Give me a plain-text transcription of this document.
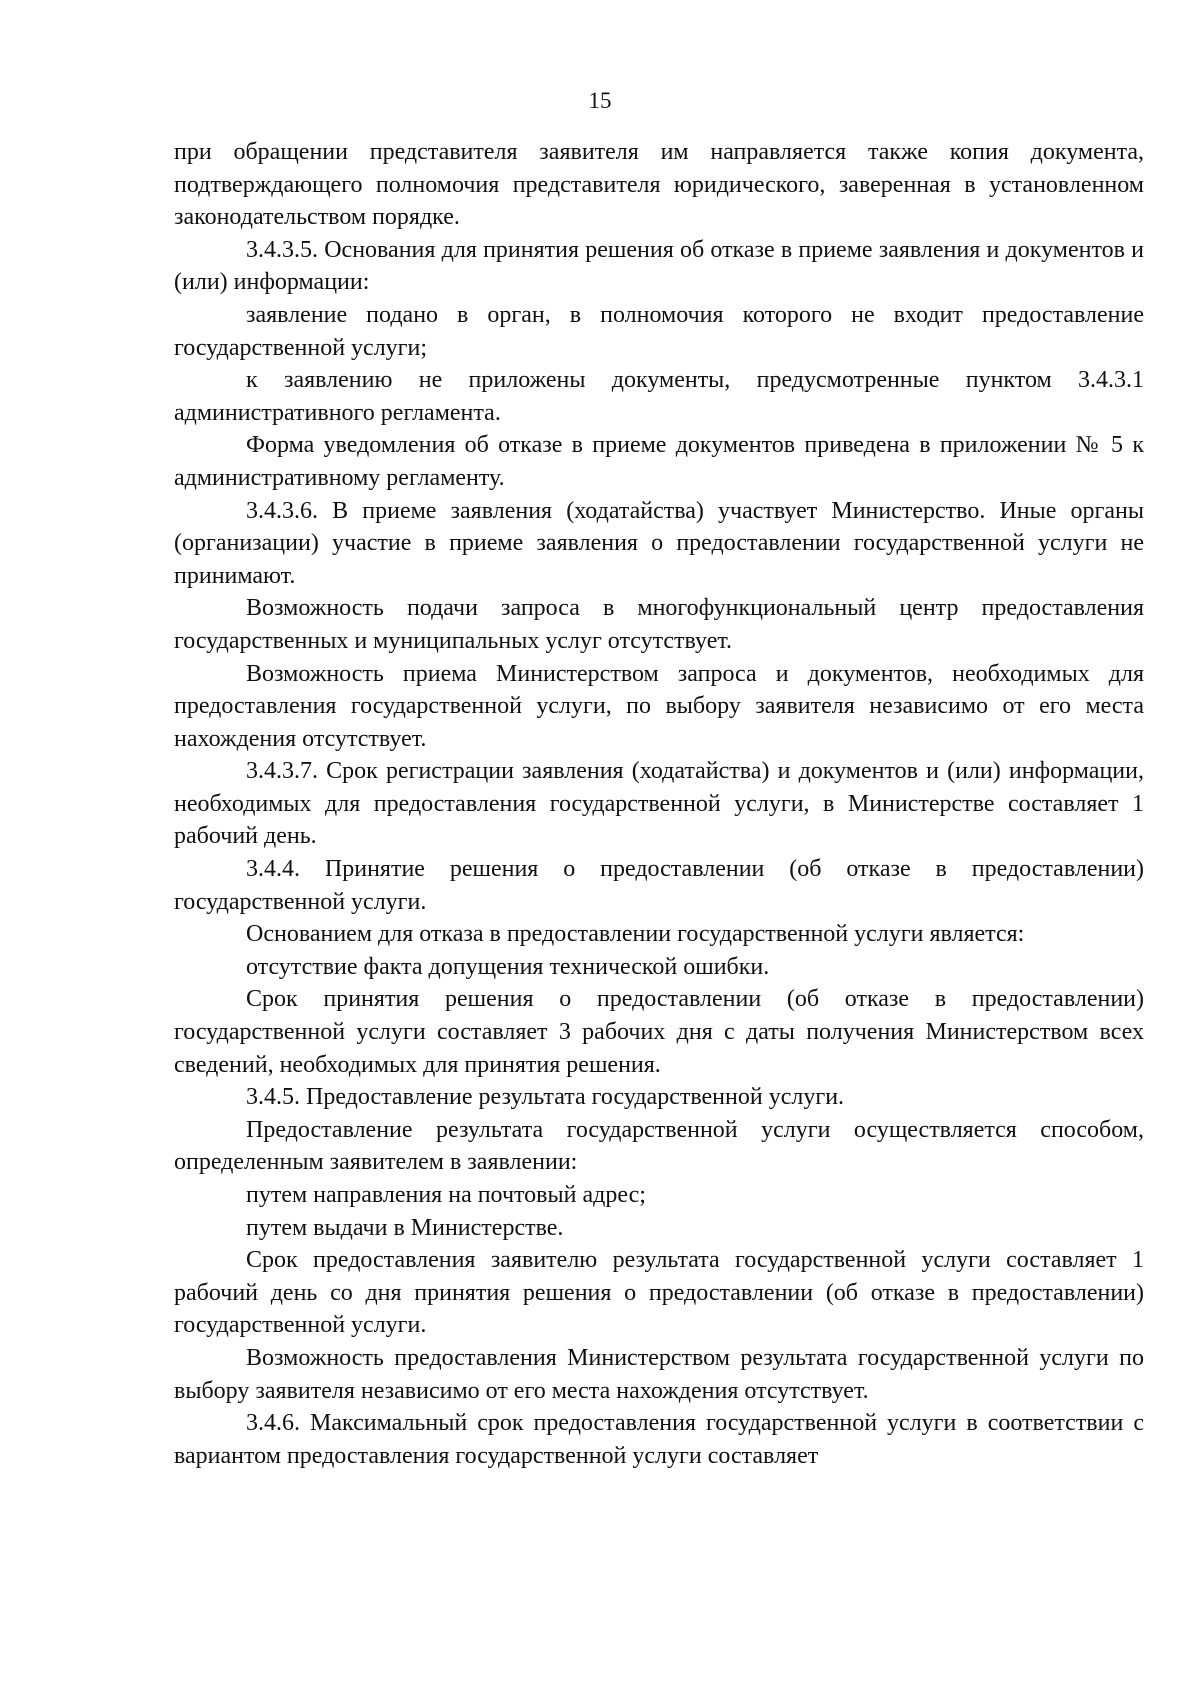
15

при обращении представителя заявителя им направляется также копия документа, подтверждающего полномочия представителя юридического, заверенная в установленном законодательством порядке.

3.4.3.5. Основания для принятия решения об отказе в приеме заявления и документов и (или) информации:

заявление подано в орган, в полномочия которого не входит предоставление государственной услуги;

к заявлению не приложены документы, предусмотренные пунктом 3.4.3.1 административного регламента.

Форма уведомления об отказе в приеме документов приведена в приложении № 5 к административному регламенту.

3.4.3.6. В приеме заявления (ходатайства) участвует Министерство. Иные органы (организации) участие в приеме заявления о предоставлении государственной услуги не принимают.

Возможность подачи запроса в многофункциональный центр предоставления государственных и муниципальных услуг отсутствует.

Возможность приема Министерством запроса и документов, необходимых для предоставления государственной услуги, по выбору заявителя независимо от его места нахождения отсутствует.

3.4.3.7. Срок регистрации заявления (ходатайства) и документов и (или) информации, необходимых для предоставления государственной услуги, в Министерстве составляет 1 рабочий день.

3.4.4. Принятие решения о предоставлении (об отказе в предоставлении) государственной услуги.

Основанием для отказа в предоставлении государственной услуги является:

отсутствие факта допущения технической ошибки.

Срок принятия решения о предоставлении (об отказе в предоставлении) государственной услуги составляет 3 рабочих дня с даты получения Министерством всех сведений, необходимых для принятия решения.

3.4.5. Предоставление результата государственной услуги.

Предоставление результата государственной услуги осуществляется способом, определенным заявителем в заявлении:

путем направления на почтовый адрес;

путем выдачи в Министерстве.

Срок предоставления заявителю результата государственной услуги составляет 1 рабочий день со дня принятия решения о предоставлении (об отказе в предоставлении) государственной услуги.

Возможность предоставления Министерством результата государственной услуги по выбору заявителя независимо от его места нахождения отсутствует.

3.4.6. Максимальный срок предоставления государственной услуги в соответствии с вариантом предоставления государственной услуги составляет
